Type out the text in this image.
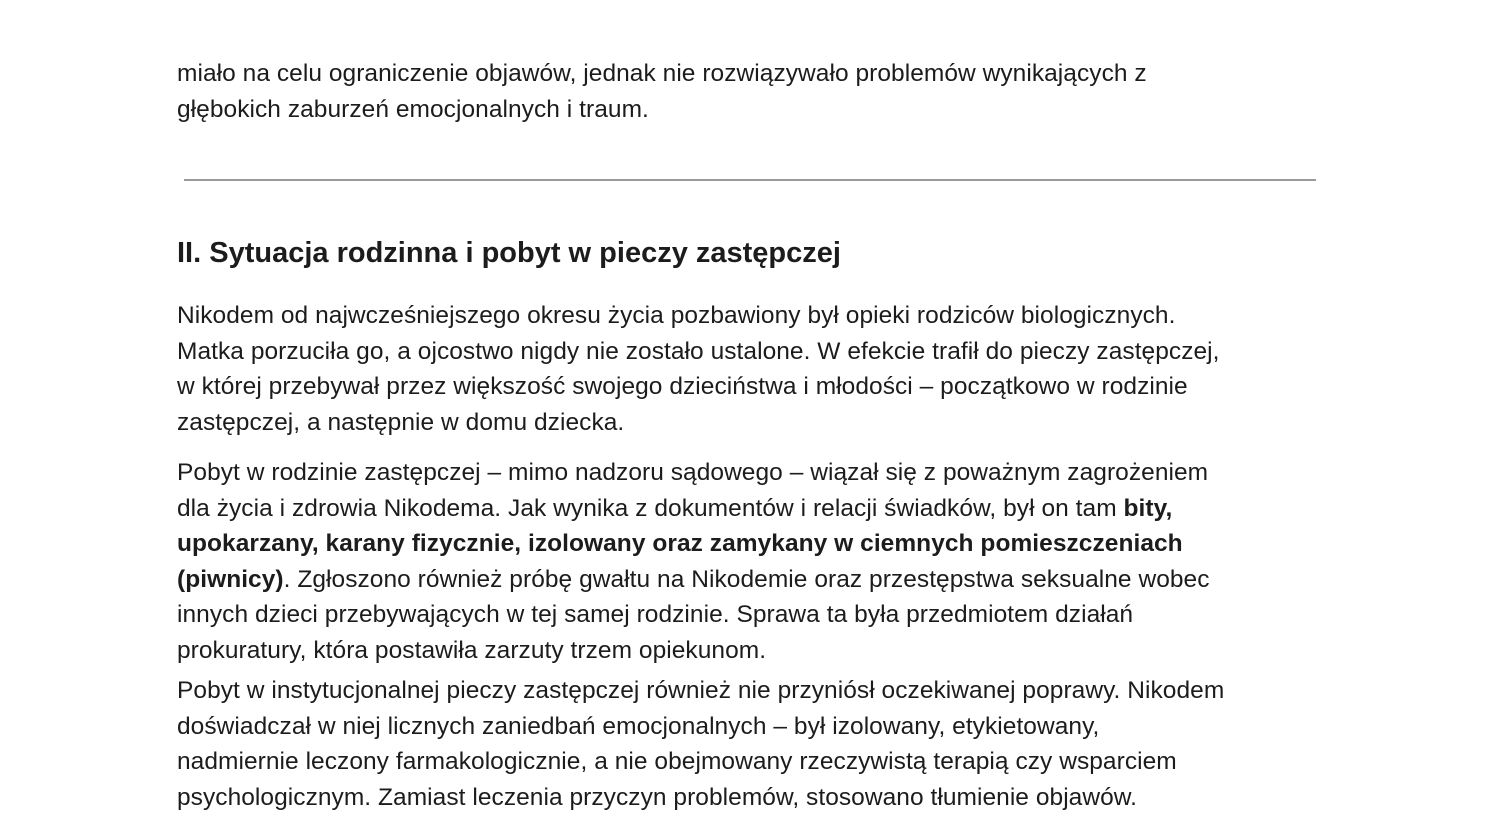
miało na celu ograniczenie objawów, jednak nie rozwiązywało problemów wynikających z
głębokich zaburzeń emocjonalnych i traum.

II. Sytuacja rodzinna i pobyt w pieczy zastępczej

Nikodem od najwcześniejszego okresu życia pozbawiony był opieki rodziców biologicznych.
Matka porzuciła go, a ojcostwo nigdy nie zostało ustalone. W efekcie trafił do pieczy zastępczej,
w której przebywał przez większość swojego dzieciństwa i młodości – początkowo w rodzinie
zastępczej, a następnie w domu dziecka.

Pobyt w rodzinie zastępczej – mimo nadzoru sądowego – wiązał się z poważnym zagrożeniem
dla życia i zdrowia Nikodema. Jak wynika z dokumentów i relacji świadków, był on tam bity,
upokarzany, karany fizycznie, izolowany oraz zamykany w ciemnych pomieszczeniach
(piwnicy). Zgłoszono również próbę gwałtu na Nikodemie oraz przestępstwa seksualne wobec
innych dzieci przebywających w tej samej rodzinie. Sprawa ta była przedmiotem działań
prokuratury, która postawiła zarzuty trzem opiekunom.

Pobyt w instytucjonalnej pieczy zastępczej również nie przyniósł oczekiwanej poprawy. Nikodem
doświadczał w niej licznych zaniedbań emocjonalnych – był izolowany, etykietowany,
nadmiernie leczony farmakologicznie, a nie obejmowany rzeczywistą terapią czy wsparciem
psychologicznym. Zamiast leczenia przyczyn problemów, stosowano tłumienie objawów.
